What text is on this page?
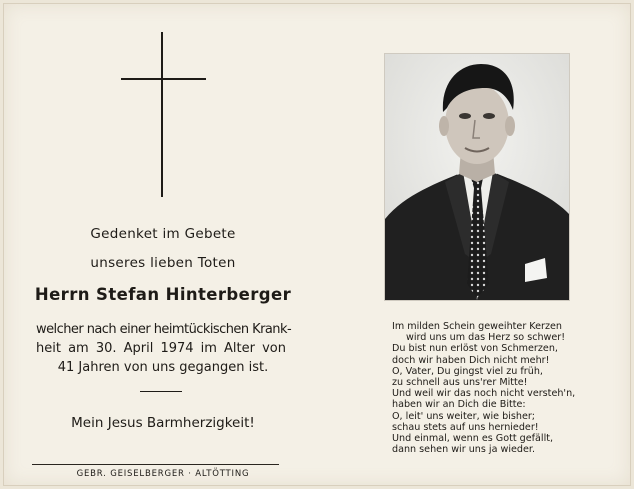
Gedenket im Gebete
unseres lieben Toten
Herrn Stefan Hinterberger
welcher nach einer heimtückischen Krank-
heit am 30. April 1974 im Alter von
41 Jahren von uns gegangen ist.
Mein Jesus Barmherzigkeit!
GEBR. GEISELBERGER · ALTÖTTING
Im milden Schein geweihter Kerzen
wird uns um das Herz so schwer!
Du bist nun erlöst von Schmerzen,
doch wir haben Dich nicht mehr!
O, Vater, Du gingst viel zu früh,
zu schnell aus uns'rer Mitte!
Und weil wir das noch nicht versteh'n,
haben wir an Dich die Bitte:
O, leit' uns weiter, wie bisher;
schau stets auf uns hernieder!
Und einmal, wenn es Gott gefällt,
dann sehen wir uns ja wieder.
